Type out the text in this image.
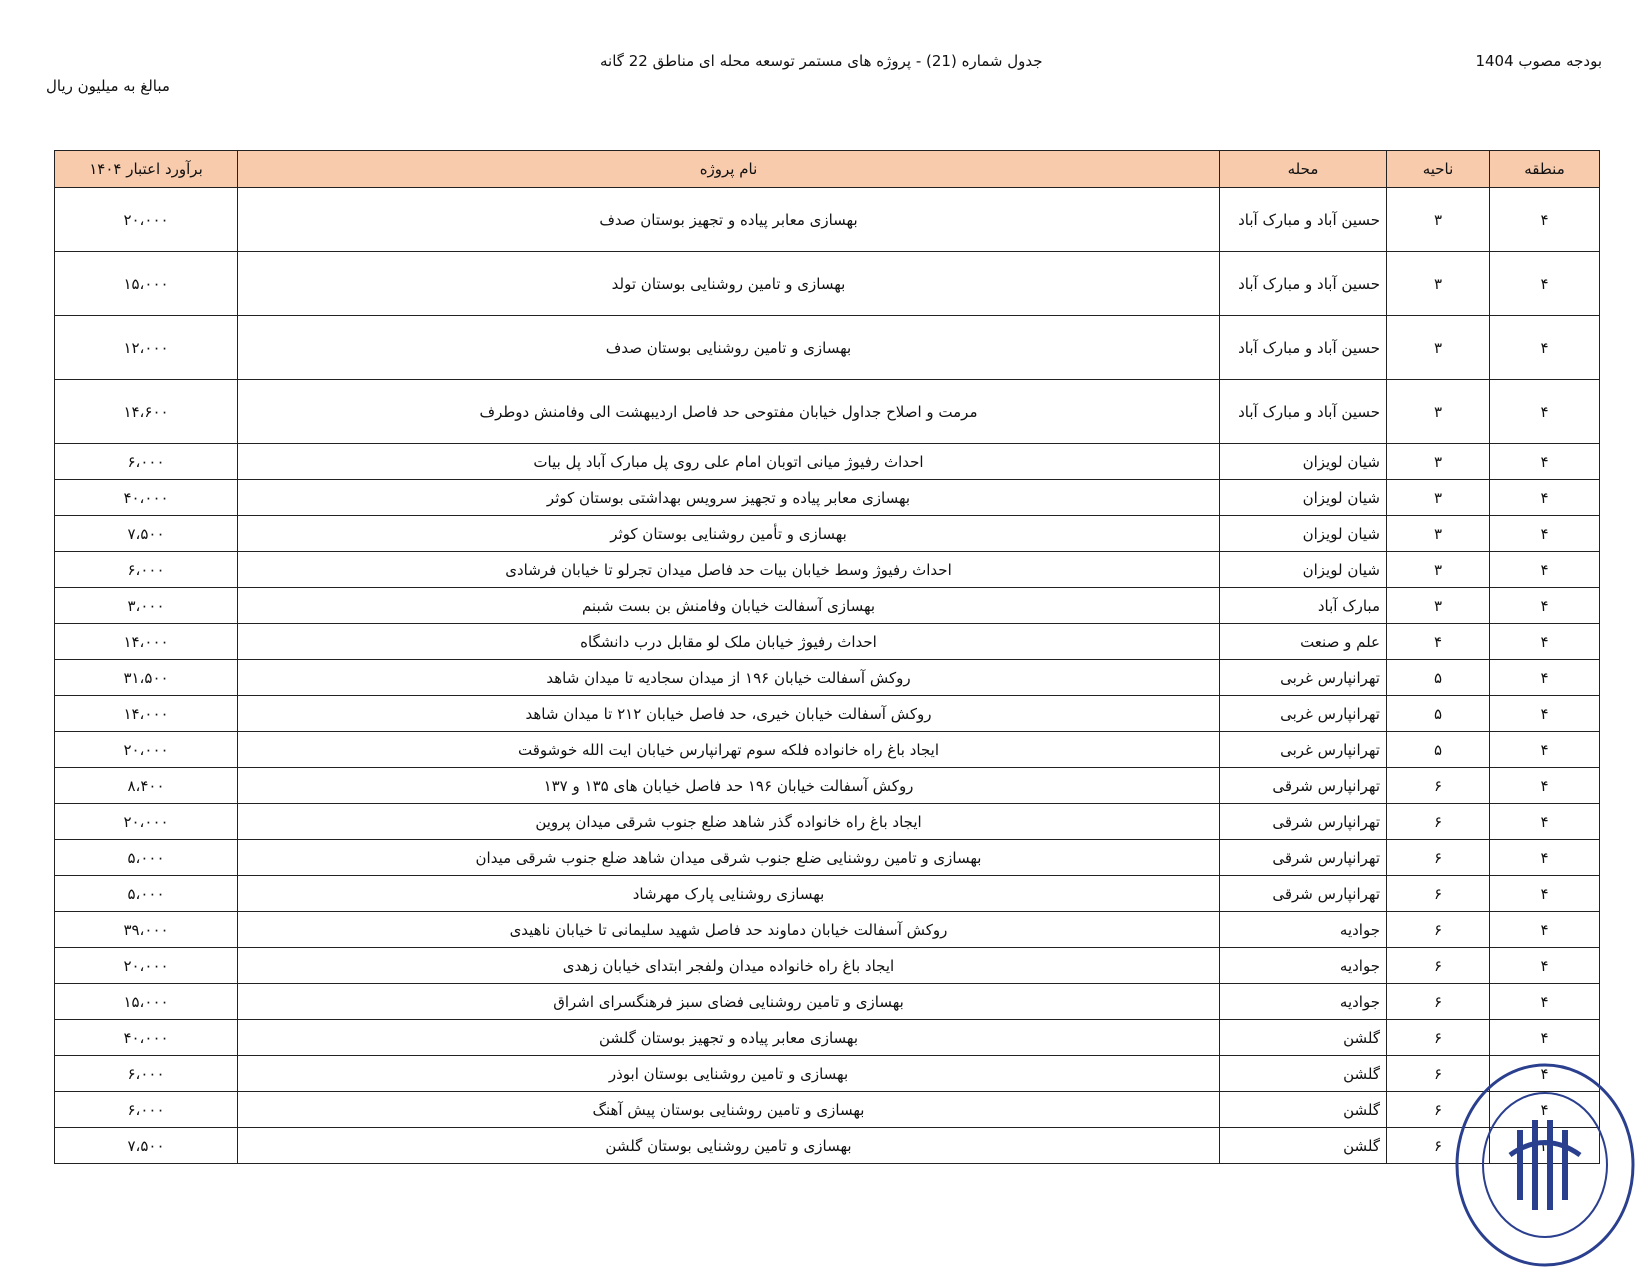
بودجه مصوب 1404
جدول شماره (21) - پروژه های مستمر توسعه محله ای مناطق 22 گانه
مبالغ به میلیون ریال
منطقه	ناحیه	محله	نام پروژه	برآورد اعتبار ۱۴۰۴
۴	۳	حسین آباد و مبارک آباد	بهسازی معابر پیاده و تجهیز بوستان صدف	۲۰،۰۰۰
۴	۳	حسین آباد و مبارک آباد	بهسازی و تامین روشنایی بوستان تولد	۱۵،۰۰۰
۴	۳	حسین آباد و مبارک آباد	بهسازی و تامین روشنایی بوستان صدف	۱۲،۰۰۰
۴	۳	حسین آباد و مبارک آباد	مرمت و اصلاح جداول خیابان مفتوحی حد فاصل اردیبهشت الی وفامنش دوطرف	۱۴،۶۰۰
۴	۳	شیان لویزان	احداث رفیوژ میانی اتوبان امام علی روی پل مبارک آباد پل بیات	۶،۰۰۰
۴	۳	شیان لویزان	بهسازی معابر پیاده و تجهیز سرویس بهداشتی بوستان کوثر	۴۰،۰۰۰
۴	۳	شیان لویزان	بهسازی و تأمین روشنایی بوستان کوثر	۷،۵۰۰
۴	۳	شیان لویزان	احداث رفیوژ وسط خیابان بیات حد فاصل میدان تجرلو تا خیابان فرشادی	۶،۰۰۰
۴	۳	مبارک آباد	بهسازی آسفالت خیابان وفامنش بن بست شبنم	۳،۰۰۰
۴	۴	علم و صنعت	احداث رفیوژ خیابان ملک لو مقابل درب دانشگاه	۱۴،۰۰۰
۴	۵	تهرانپارس غربی	روکش آسفالت خیابان ۱۹۶ از میدان سجادیه تا میدان شاهد	۳۱،۵۰۰
۴	۵	تهرانپارس غربی	روکش آسفالت خیابان خیری، حد فاصل خیابان ۲۱۲ تا میدان شاهد	۱۴،۰۰۰
۴	۵	تهرانپارس غربی	ایجاد باغ راه خانواده فلکه سوم تهرانپارس خیابان ایت الله خوشوقت	۲۰،۰۰۰
۴	۶	تهرانپارس شرقی	روکش آسفالت خیابان ۱۹۶ حد فاصل خیابان های ۱۳۵ و ۱۳۷	۸،۴۰۰
۴	۶	تهرانپارس شرقی	ایجاد باغ راه خانواده گذر شاهد ضلع جنوب شرقی میدان پروین	۲۰،۰۰۰
۴	۶	تهرانپارس شرقی	بهسازی و تامین روشنایی ضلع جنوب شرقی میدان شاهد ضلع جنوب شرقی میدان	۵،۰۰۰
۴	۶	تهرانپارس شرقی	بهسازی روشنایی پارک مهرشاد	۵،۰۰۰
۴	۶	جوادیه	روکش آسفالت خیابان دماوند حد فاصل شهید سلیمانی تا خیابان ناهیدی	۳۹،۰۰۰
۴	۶	جوادیه	ایجاد باغ راه خانواده میدان ولفجر ابتدای خیابان زهدی	۲۰،۰۰۰
۴	۶	جوادیه	بهسازی و تامین روشنایی فضای سبز فرهنگسرای اشراق	۱۵،۰۰۰
۴	۶	گلشن	بهسازی معابر پیاده و تجهیز بوستان گلشن	۴۰،۰۰۰
۴	۶	گلشن	بهسازی و تامین روشنایی بوستان ابوذر	۶،۰۰۰
۴	۶	گلشن	بهسازی و تامین روشنایی بوستان پیش آهنگ	۶،۰۰۰
۴	۶	گلشن	بهسازی و تامین روشنایی بوستان گلشن	۷،۵۰۰
